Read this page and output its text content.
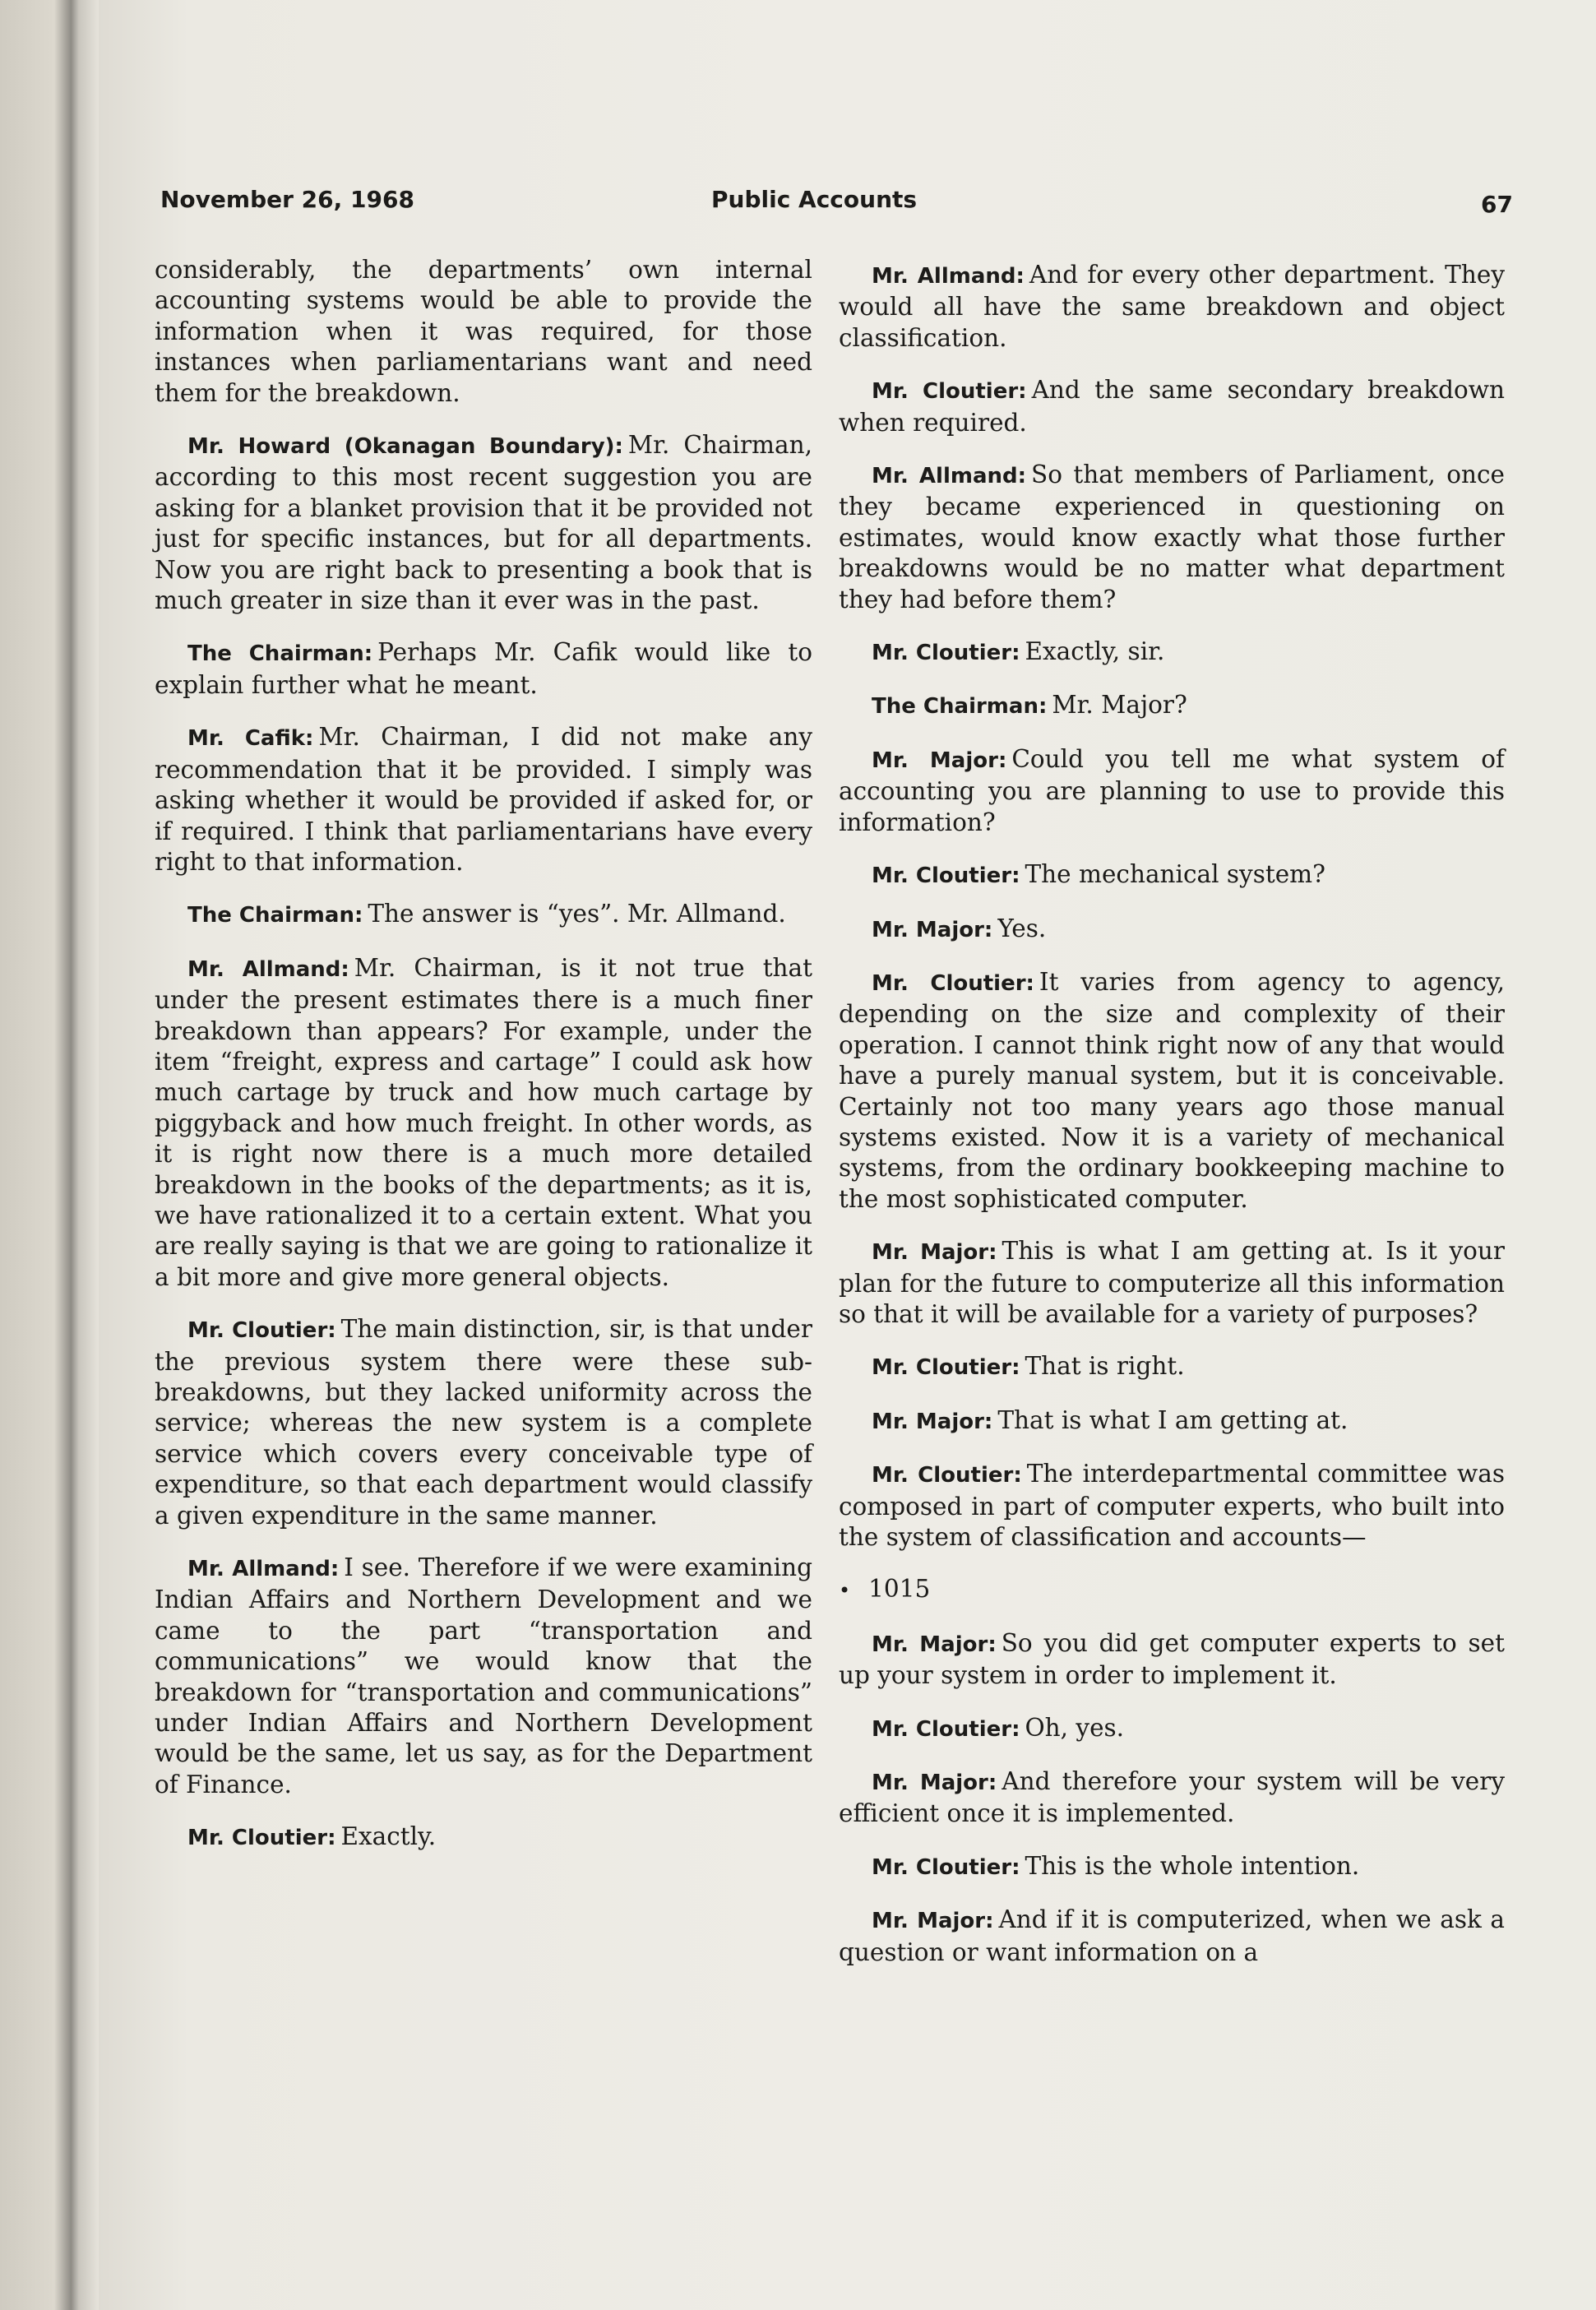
November 26, 1968	Public Accounts	67

considerably, the departments’ own internal accounting systems would be able to provide the information when it was required, for those instances when parliamentarians want and need them for the breakdown.

Mr. Howard (Okanagan Boundary): Mr. Chairman, according to this most recent suggestion you are asking for a blanket provision that it be provided not just for specific instances, but for all departments. Now you are right back to presenting a book that is much greater in size than it ever was in the past.

The Chairman: Perhaps Mr. Cafik would like to explain further what he meant.

Mr. Cafik: Mr. Chairman, I did not make any recommendation that it be provided. I simply was asking whether it would be provided if asked for, or if required. I think that parliamentarians have every right to that information.

The Chairman: The answer is “yes”. Mr. Allmand.

Mr. Allmand: Mr. Chairman, is it not true that under the present estimates there is a much finer breakdown than appears? For example, under the item “freight, express and cartage” I could ask how much cartage by truck and how much cartage by piggyback and how much freight. In other words, as it is right now there is a much more detailed breakdown in the books of the departments; as it is, we have rationalized it to a certain extent. What you are really saying is that we are going to rationalize it a bit more and give more general objects.

Mr. Cloutier: The main distinction, sir, is that under the previous system there were these sub-breakdowns, but they lacked uniformity across the service; whereas the new system is a complete service which covers every conceivable type of expenditure, so that each department would classify a given expenditure in the same manner.

Mr. Allmand: I see. Therefore if we were examining Indian Affairs and Northern Development and we came to the part “transportation and communications” we would know that the breakdown for “transportation and communications” under Indian Affairs and Northern Development would be the same, let us say, as for the Department of Finance.

Mr. Cloutier: Exactly.

Mr. Allmand: And for every other department. They would all have the same breakdown and object classification.

Mr. Cloutier: And the same secondary breakdown when required.

Mr. Allmand: So that members of Parliament, once they became experienced in questioning on estimates, would know exactly what those further breakdowns would be no matter what department they had before them?

Mr. Cloutier: Exactly, sir.

The Chairman: Mr. Major?

Mr. Major: Could you tell me what system of accounting you are planning to use to provide this information?

Mr. Cloutier: The mechanical system?

Mr. Major: Yes.

Mr. Cloutier: It varies from agency to agency, depending on the size and complexity of their operation. I cannot think right now of any that would have a purely manual system, but it is conceivable. Certainly not too many years ago those manual systems existed. Now it is a variety of mechanical systems, from the ordinary bookkeeping machine to the most sophisticated computer.

Mr. Major: This is what I am getting at. Is it your plan for the future to computerize all this information so that it will be available for a variety of purposes?

Mr. Cloutier: That is right.

Mr. Major: That is what I am getting at.

Mr. Cloutier: The interdepartmental committee was composed in part of computer experts, who built into the system of classification and accounts—

• 1015

Mr. Major: So you did get computer experts to set up your system in order to implement it.

Mr. Cloutier: Oh, yes.

Mr. Major: And therefore your system will be very efficient once it is implemented.

Mr. Cloutier: This is the whole intention.

Mr. Major: And if it is computerized, when we ask a question or want information on a
